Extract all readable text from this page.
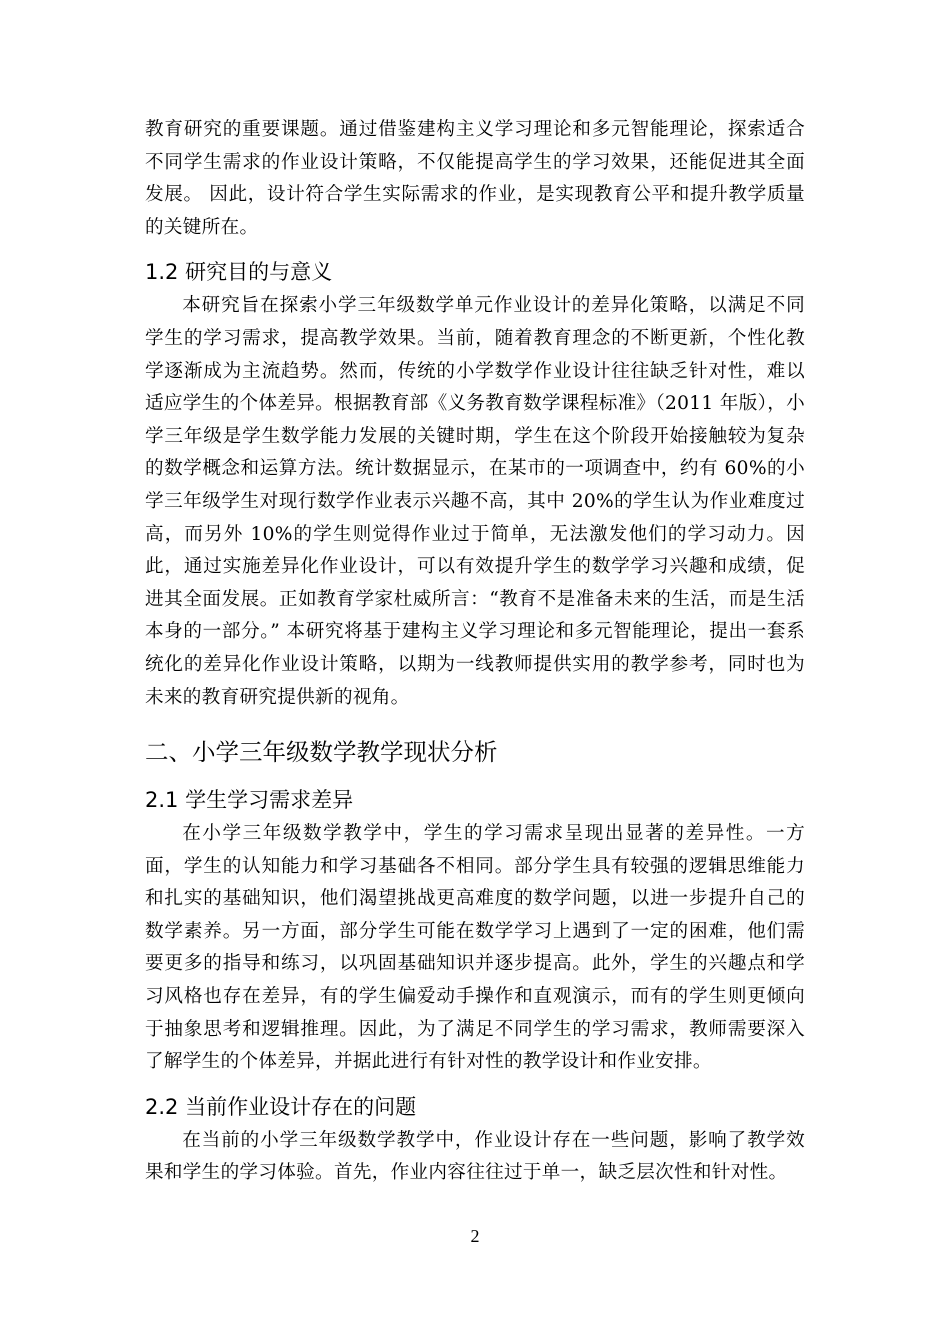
教育研究的重要课题。通过借鉴建构主义学习理论和多元智能理论，探索适合不同学生需求的作业设计策略，不仅能提高学生的学习效果，还能促进其全面发展。 因此，设计符合学生实际需求的作业，是实现教育公平和提升教学质量的关键所在。

1.2 研究目的与意义

本研究旨在探索小学三年级数学单元作业设计的差异化策略，以满足不同学生的学习需求，提高教学效果。当前，随着教育理念的不断更新，个性化教学逐渐成为主流趋势。然而，传统的小学数学作业设计往往缺乏针对性，难以适应学生的个体差异。根据教育部《义务教育数学课程标准》（2011 年版），小学三年级是学生数学能力发展的关键时期，学生在这个阶段开始接触较为复杂的数学概念和运算方法。统计数据显示，在某市的一项调查中，约有 60%的小学三年级学生对现行数学作业表示兴趣不高，其中 20%的学生认为作业难度过高，而另外 10%的学生则觉得作业过于简单，无法激发他们的学习动力。因此，通过实施差异化作业设计，可以有效提升学生的数学学习兴趣和成绩，促进其全面发展。正如教育学家杜威所言：“教育不是准备未来的生活，而是生活本身的一部分。” 本研究将基于建构主义学习理论和多元智能理论，提出一套系统化的差异化作业设计策略，以期为一线教师提供实用的教学参考，同时也为未来的教育研究提供新的视角。

二、小学三年级数学教学现状分析
2.1 学生学习需求差异

在小学三年级数学教学中，学生的学习需求呈现出显著的差异性。一方面，学生的认知能力和学习基础各不相同。部分学生具有较强的逻辑思维能力和扎实的基础知识，他们渴望挑战更高难度的数学问题，以进一步提升自己的数学素养。另一方面，部分学生可能在数学学习上遇到了一定的困难，他们需要更多的指导和练习，以巩固基础知识并逐步提高。此外，学生的兴趣点和学习风格也存在差异，有的学生偏爱动手操作和直观演示，而有的学生则更倾向于抽象思考和逻辑推理。因此，为了满足不同学生的学习需求，教师需要深入了解学生的个体差异，并据此进行有针对性的教学设计和作业安排。

2.2 当前作业设计存在的问题

在当前的小学三年级数学教学中，作业设计存在一些问题，影响了教学效果和学生的学习体验。首先，作业内容往往过于单一，缺乏层次性和针对性。

2
